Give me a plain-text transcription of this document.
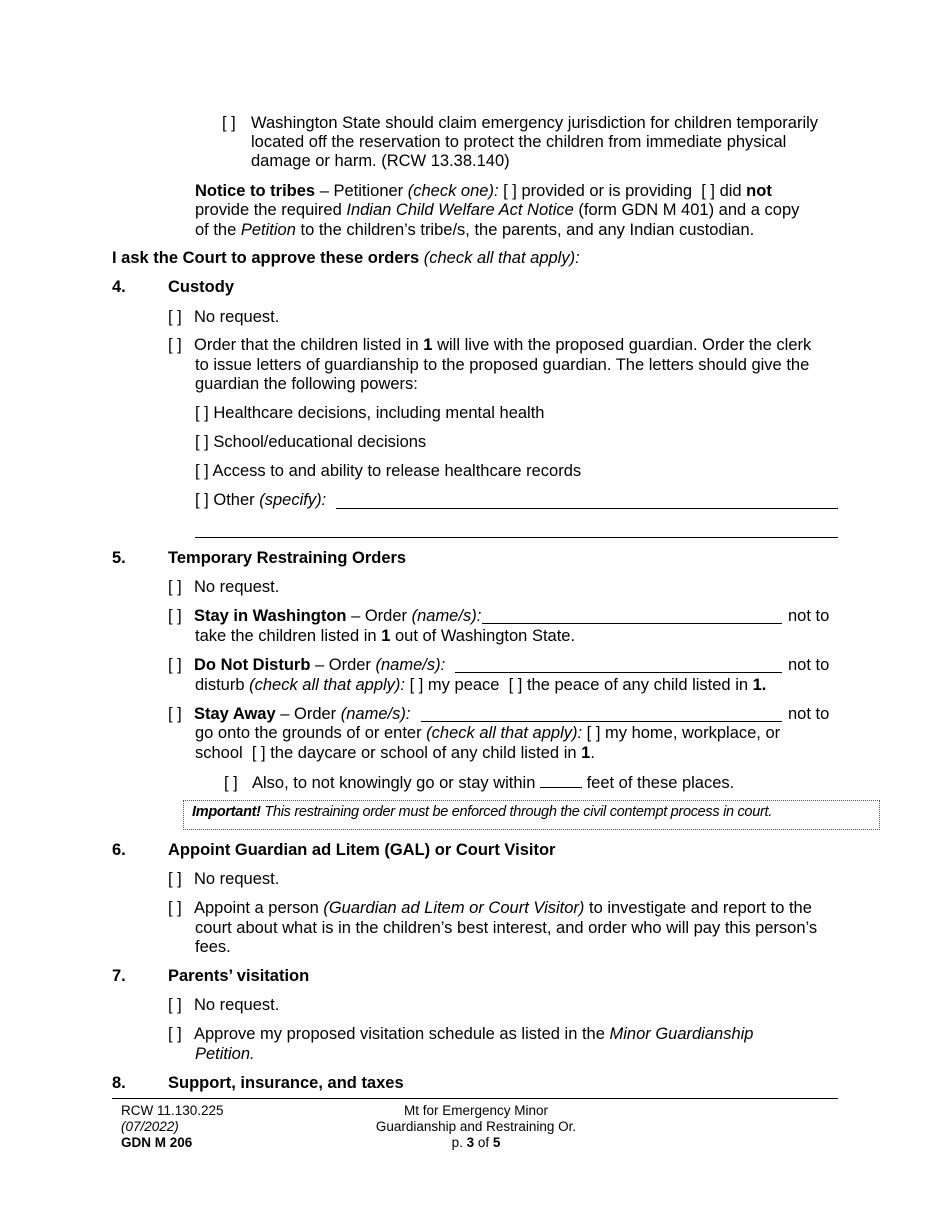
[ ] Washington State should claim emergency jurisdiction for children temporarily
located off the reservation to protect the children from immediate physical
damage or harm. (RCW 13.38.140)
Notice to tribes – Petitioner (check one): [ ] provided or is providing  [ ] did not
provide the required Indian Child Welfare Act Notice (form GDN M 401) and a copy
of the Petition to the children’s tribe/s, the parents, and any Indian custodian.
I ask the Court to approve these orders (check all that apply):
4.	Custody
[ ] No request.
[ ] Order that the children listed in 1 will live with the proposed guardian. Order the clerk
to issue letters of guardianship to the proposed guardian. The letters should give the
guardian the following powers:
[ ] Healthcare decisions, including mental health
[ ] School/educational decisions
[ ] Access to and ability to release healthcare records
[ ] Other (specify):
5.	Temporary Restraining Orders
[ ] No request.
[ ] Stay in Washington – Order (name/s):	not to
take the children listed in 1 out of Washington State.
[ ] Do Not Disturb – Order (name/s):	not to
disturb (check all that apply): [ ] my peace  [ ] the peace of any child listed in 1.
[ ] Stay Away – Order (name/s):	not to
go onto the grounds of or enter (check all that apply): [ ] my home, workplace, or
school  [ ] the daycare or school of any child listed in 1.
[ ] Also, to not knowingly go or stay within	feet of these places.
Important! This restraining order must be enforced through the civil contempt process in court.
6.	Appoint Guardian ad Litem (GAL) or Court Visitor
[ ] No request.
[ ] Appoint a person (Guardian ad Litem or Court Visitor) to investigate and report to the
court about what is in the children’s best interest, and order who will pay this person’s
fees.
7.	Parents’ visitation
[ ] No request.
[ ] Approve my proposed visitation schedule as listed in the Minor Guardianship
Petition.
8.	Support, insurance, and taxes
RCW 11.130.225
(07/2022)
GDN M 206
Mt for Emergency Minor
Guardianship and Restraining Or.
p. 3 of 5
